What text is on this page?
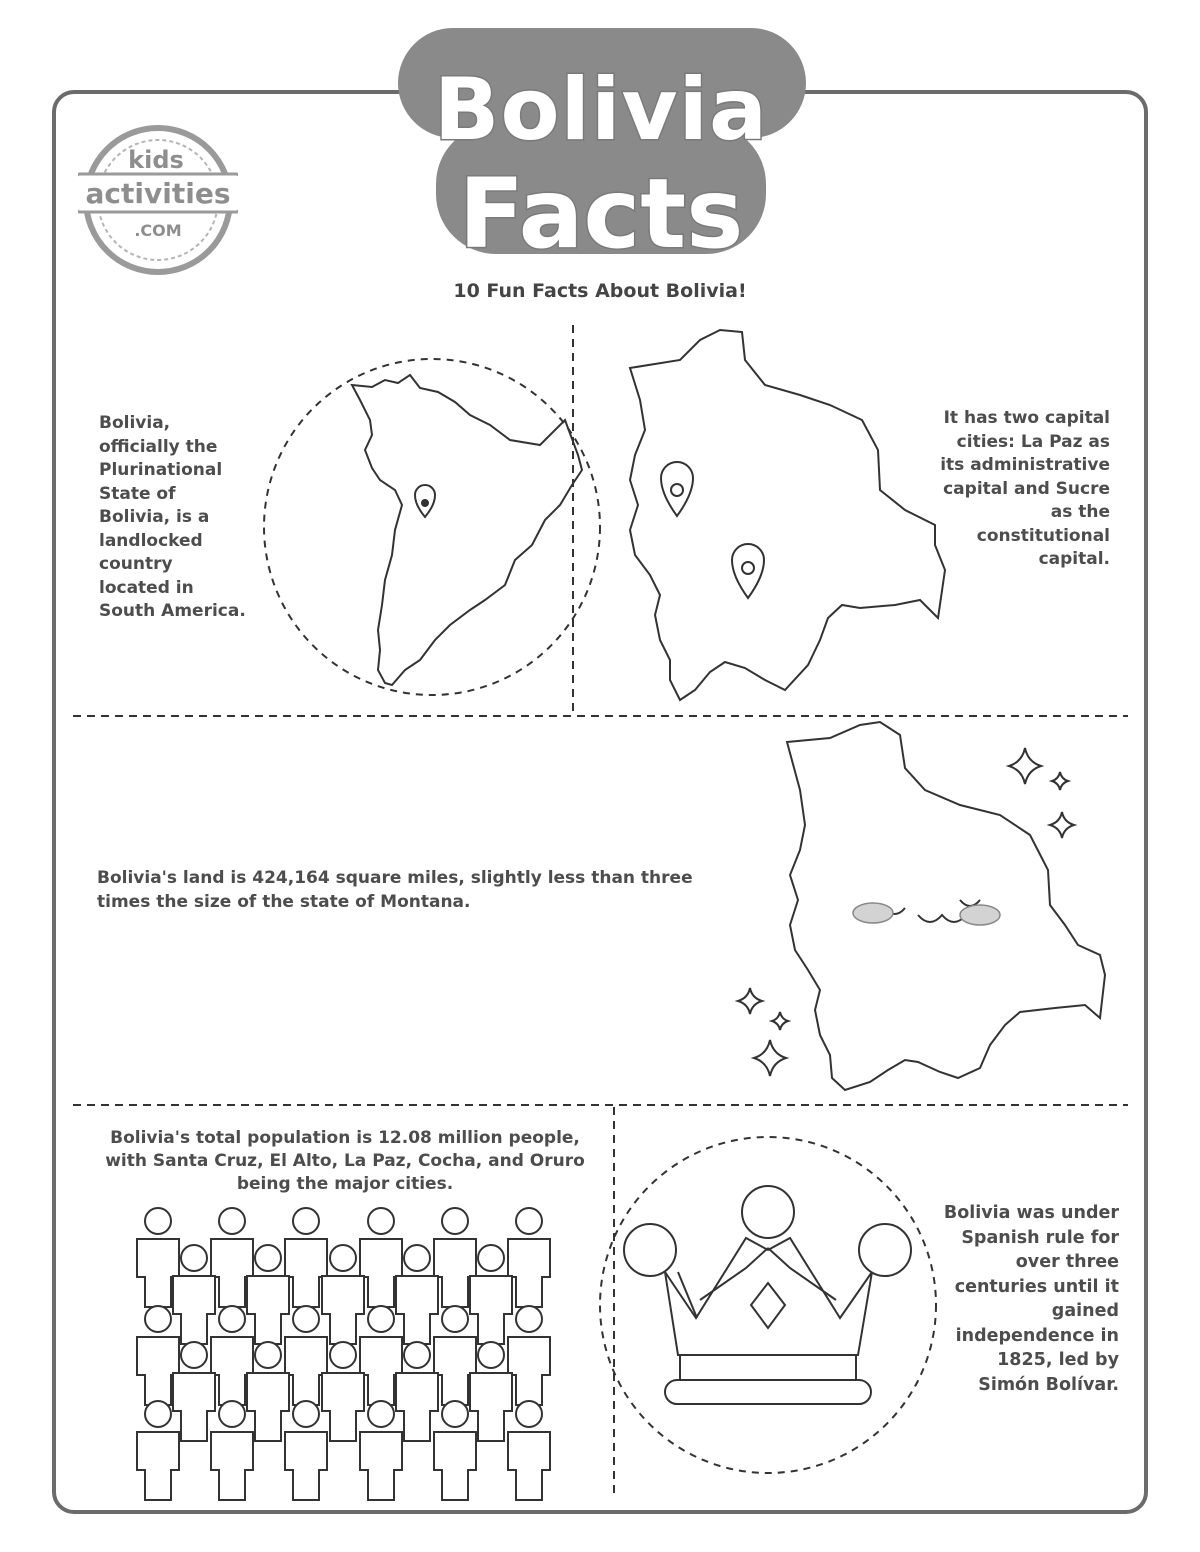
Bolivia
Facts
kids
activities
.COM
10 Fun Facts About Bolivia!
Bolivia, officially the Plurinational State of Bolivia, is a landlocked country located in South America.
It has two capital cities: La Paz as its administrative capital and Sucre as the constitutional capital.
Bolivia's land is 424,164 square miles, slightly less than three times the size of the state of Montana.
Bolivia's total population is 12.08 million people, with Santa Cruz, El Alto, La Paz, Cocha, and Oruro being the major cities.
Bolivia was under Spanish rule for over three centuries until it gained independence in 1825, led by Simón Bolívar.
